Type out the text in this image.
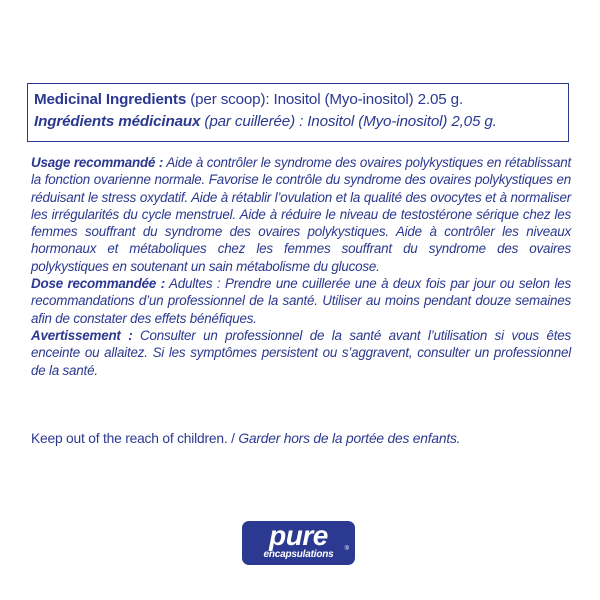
Medicinal Ingredients (per scoop): Inositol (Myo-inositol) 2.05 g.
Ingrédients médicinaux (par cuillerée) : Inositol (Myo-inositol) 2,05 g.

Usage recommandé : Aide à contrôler le syndrome des ovaires polykystiques en rétablissant la fonction ovarienne normale. Favorise le contrôle du syndrome des ovaires polykystiques en réduisant le stress oxydatif. Aide à rétablir l’ovulation et la qualité des ovocytes et à normaliser les irrégularités du cycle menstruel. Aide à réduire le niveau de testostérone sérique chez les femmes souffrant du syndrome des ovaires polykystiques. Aide à contrôler les niveaux hormonaux et métaboliques chez les femmes souffrant du syndrome des ovaires polykystiques en soutenant un sain métabolisme du glucose.

Dose recommandée : Adultes : Prendre une cuillerée une à deux fois par jour ou selon les recommandations d’un professionnel de la santé. Utiliser au moins pendant douze semaines afin de constater des effets bénéfiques.

Avertissement : Consulter un professionnel de la santé avant l’utilisation si vous êtes enceinte ou allaitez. Si les symptômes persistent ou s’aggravent, consulter un professionnel de la santé.

Keep out of the reach of children. / Garder hors de la portée des enfants.
pure
encapsulations	®
